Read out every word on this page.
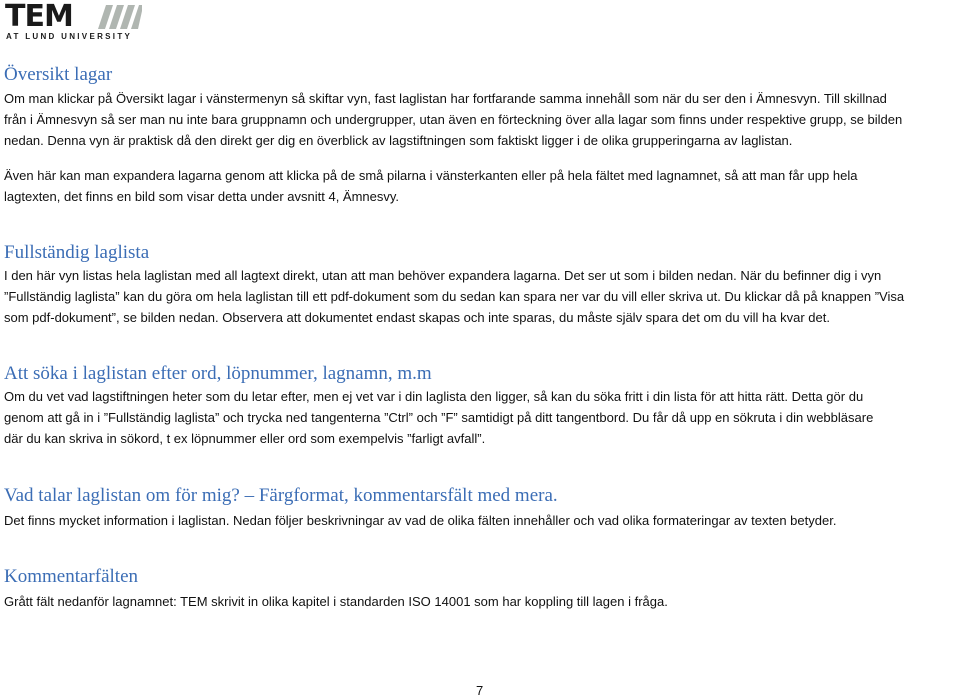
TEM
AT LUND UNIVERSITY
Översikt lagar

Om man klickar på Översikt lagar i vänstermenyn så skiftar vyn, fast laglistan har fortfarande samma innehåll som när du ser den i Ämnesvyn. Till skillnad
från i Ämnesvyn så ser man nu inte bara gruppnamn och undergrupper, utan även en förteckning över alla lagar som finns under respektive grupp, se bilden
nedan. Denna vyn är praktisk då den direkt ger dig en överblick av lagstiftningen som faktiskt ligger i de olika grupperingarna av laglistan.

Även här kan man expandera lagarna genom att klicka på de små pilarna i vänsterkanten eller på hela fältet med lagnamnet, så att man får upp hela
lagtexten, det finns en bild som visar detta under avsnitt 4, Ämnesvy.

Fullständig laglista

I den här vyn listas hela laglistan med all lagtext direkt, utan att man behöver expandera lagarna. Det ser ut som i bilden nedan. När du befinner dig i vyn
”Fullständig laglista” kan du göra om hela laglistan till ett pdf-dokument som du sedan kan spara ner var du vill eller skriva ut. Du klickar då på knappen ”Visa
som pdf-dokument”, se bilden nedan. Observera att dokumentet endast skapas och inte sparas, du måste själv spara det om du vill ha kvar det.

Att söka i laglistan efter ord, löpnummer, lagnamn, m.m

Om du vet vad lagstiftningen heter som du letar efter, men ej vet var i din laglista den ligger, så kan du söka fritt i din lista för att hitta rätt. Detta gör du
genom att gå in i ”Fullständig laglista” och trycka ned tangenterna ”Ctrl” och ”F” samtidigt på ditt tangentbord. Du får då upp en sökruta i din webbläsare
där du kan skriva in sökord, t ex löpnummer eller ord som exempelvis ”farligt avfall”.

Vad talar laglistan om för mig? – Färgformat, kommentarsfält med mera.

Det finns mycket information i laglistan. Nedan följer beskrivningar av vad de olika fälten innehåller och vad olika formateringar av texten betyder.

Kommentarfälten

Grått fält nedanför lagnamnet: TEM skrivit in olika kapitel i standarden ISO 14001 som har koppling till lagen i fråga.

7
